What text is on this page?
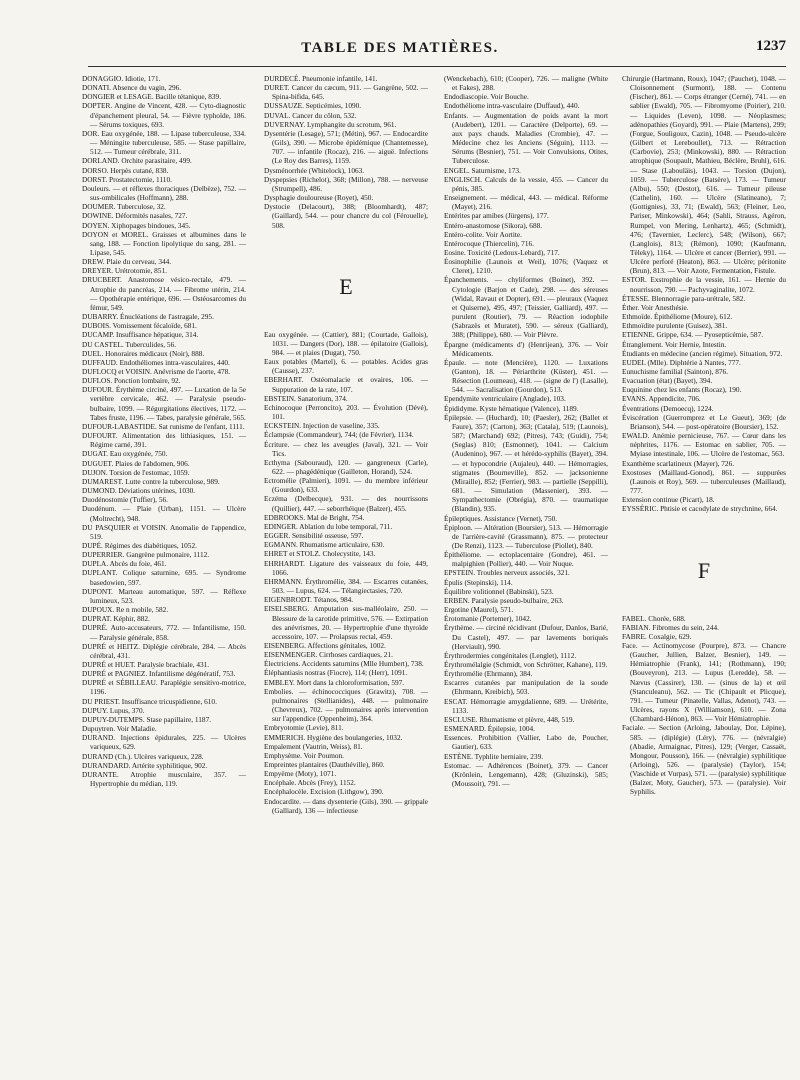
TABLE DES MATIÈRES.	1237

DONAGGIO. Idiotie, 171.

DONATI. Absence du vagin, 296.

DONGIER et LESAGE. Bacille tétanique, 839.

DOPTER. Angine de Vincent, 428. — Cyto-diagnostic d'épanchement pleural, 54. — Fièvre typhoïde, 186. — Sérums toxiques, 693.

DOR. Eau oxygénée, 188. — Lipase tuberculeuse, 334. — Méningite tuberculeuse, 585. — Stase papillaire, 512. — Tumeur cérébrale, 311.

DORLAND. Orchite parasitaire, 499.

DORSO. Herpès cutané, 838.

DORST. Prostatectomie, 1110.

Douleurs. — et réflexes thoraciques (Delbèze), 752. — sus-ombilicales (Hoffmann), 288.

DOUMER. Tuberculose, 32.

DOWINE. Déformités nasales, 727.

DOYEN. Xiphopages bindoues, 345.

DOYON et MOREL. Graisses et albumines dans le sang, 188. — Fonction lipolytique du sang, 281. — Lipase, 545.

DREW. Plaie du cerveau, 344.

DREYER. Urétrotomie, 851.

DRUCBERT. Anastomose vésico-rectale, 479. — Atrophie du pancréas, 214. — Fibrome utérin, 214. — Opothérapie entérique, 696. — Ostéosarcomes du fémur, 549.

DUBARRY. Énucléations de l'astragale, 295.

DUBOIS. Vomissement fécaloïde, 681.

DUCAMP. Insuffisance hépatique, 314.

DU CASTEL. Tuberculides, 56.

DUEL. Honoraires médicaux (Noir), 888.

DUFFAUD. Endothéliomes intra-vasculaires, 440.

DUFLOCQ et VOISIN. Anévrisme de l'aorte, 478.

DUFLOS. Ponction lombaire, 92.

DUFOUR. Érythème circiné, 497. — Luxation de la 5e vertèbre cervicale, 462. — Paralysie pseudo-bulbaire, 1099. — Régurgitations électives, 1172. — Tabes fruste, 1196. — Tabes, paralysie générale, 565.

DUFOUR-LABASTIDE. Sat runisme de l'enfant, 1111.

DUFOURT. Alimentation des lithiasiques, 151. — Régime carné, 391.

DUGAT. Eau oxygénée, 750.

DUGUET. Plaies de l'abdomen, 906.

DUJON. Torsion de l'estomac, 1059.

DUMAREST. Lutte contre la tuberculose, 989.

DUMOND. Déviations utérines, 1030.

Duodénostomie (Tuffier), 56.

Duodénum. — Plaie (Urban), 1151. — Ulcère (Moltrecht), 948.

DU PASQUIER et VOISIN. Anomalie de l'appendice, 519.

DUPÉ. Régimes des diabétiques, 1052.

DUPERRIER. Gangrène pulmonaire, 1112.

DUPLA. Abcès du foie, 461.

DUPLANT. Colique saturnine, 695. — Syndrome basedowien, 597.

DUPONT. Marteau automatique, 597. — Réflexe lumineux, 523.

DUPOUX. Re n mobile, 582.

DUPRAT. Képhir, 882.

DUPRÉ. Auto-accusateurs, 772. — Infantilisme, 150. — Paralysie générale, 858.

DUPRÉ et HEITZ. Diplégie cérébrale, 284. — Abcès cérébral, 431.

DUPRÉ et HUET. Paralysie brachiale, 431.

DUPRÉ et PAGNIEZ. Infantilisme dégénératif, 753.

DUPRÉ et SÉBILLEAU. Paraplégie sensitivo-motrice, 1196.

DU PRIEST. Insuffisance tricuspidienne, 610.

DUPUY. Lupus, 370.

DUPUY-DUTEMPS. Stase papillaire, 1187.

Dupuytren. Voir Maladie.

DURAND. Injections épidurales, 225. — Ulcères variqueux, 629.

DURAND (Ch.). Ulcères variqueux, 228.

DURANDARD. Artérite syphilitique, 902.

DURANTE. Atrophie musculaire, 357. — Hypertrophie du médian, 119.

DURDECÉ. Pneumonie infantile, 141.

DURET. Cancer du cæcum, 911. — Gangrène, 502. — Spina-bifida, 645.

DUSSAUZE. Septicémies, 1090.

DUVAL. Cancer du côlon, 532.

DUVERNAY. Lymphangite du scrotum, 961.

Dysentérie (Lesage), 571; (Métin), 967. — Endocardite (Gils), 390. — Microbe épidémique (Chantemesse), 707. — infantile (Rocaz), 216. — aiguë. Infections (Le Roy des Barres), 1159.

Dysménorrhée (Whitelock), 1063.

Dyspepsies (Richelot), 368; (Millon), 788. — nerveuse (Strumpell), 486.

Dysphagie douloureuse (Royet), 450.

Dystocie (Delacourt), 388; (Bloomhardt), 487; (Gaillard), 544. — pour chancre du col (Férouelle), 508.

E

Eau oxygénée. — (Cattier), 881; (Courtade, Gallois), 1031. — Dangers (Dor), 188. — épilatoire (Gallois), 984. — et plaies (Dugat), 750.

Eaux potables (Martel), 6. — potables. Acides gras (Causse), 237.

EBERHART. Ostéomalacie et ovaires, 106. — Suppuration de la rate, 107.

EBSTEIN. Sanatorium, 374.

Echinocoque (Perroncito), 203. — Évolution (Dévé), 101.

ECKSTEIN. Injection de vaseline, 335.

Éclampsie (Commandeur), 744; (de Février), 1134.

Écriture. — chez les aveugles (Javal), 321. — Voir Tics.

Ecthyma (Sabouraud), 120. — gangreneux (Carle), 622. — phagédénique (Gailleton, Horand), 524.

Ectromélie (Palmieri), 1091. — du membre inférieur (Gourdon), 633.

Eczéma (Delbecque), 931. — des nourrissons (Quillier), 447. — seborrhéique (Balzer), 455.

EDBROOKS. Mal de Bright, 754.

EDINGER. Ablation du lobe temporal, 711.

EGGER. Sensibilité osseuse, 597.

EGMANN. Rhumatisme articulaire, 630.

EHRET et STOLZ. Cholecystite, 143.

EHRHARDT. Ligature des vaisseaux du foie, 449, 1066.

EHRMANN. Érythromélie, 384. — Escarres cutanées, 503. — Lupus, 624. — Télangiectasies, 720.

EIGENBRODT. Tétanos, 984.

EISELSBERG. Amputation sus-malléolaire, 250. — Blessure de la carotide primitive, 576. — Extirpation des anévrismes, 20. — Hypertrophie d'une thyroïde accessoire, 107. — Prolapsus rectal, 459.

EISENBERG. Affections génitales, 1002.

EISENMENGER. Cirrhoses cardiaques, 21.

Électriciens. Accidents saturnins (Mlle Humbert), 738.

Éléphantiasis nostras (Fiocre), 114; (Herr), 1091.

EMBLEY. Mort dans la chloroformisation, 597.

Embolies. — échinococciques (Grawitz), 708. — pulmonaires (Stellianides), 448. — pulmonaire (Chevreux), 702. — pulmonaires après intervention sur l'appendice (Oppenheim), 364.

Embryotomie (Levie), 811.

EMMERICH. Hygiène des boulangeries, 1032.

Empalement (Vautrin, Weiss), 81.

Emphysème. Voir Poumon.

Empreintes plantaires (Dauthéville), 860.

Empyème (Moty), 1071.

Encéphale. Abcès (Frey), 1152.

Encéphalocèle. Excision (Lithgow), 390.

Endocardite. — dans dysenterie (Gils), 390. — grippale (Galliard), 136 — infectieuse

(Wenckebach), 610; (Cooper), 726. — maligne (White et Fakes), 288.

Endodiascopie. Voir Bouche.

Endothéliome intra-vasculaire (Duffaud), 440.

Enfants. — Augmentation de poids avant la mort (Audebert), 1201. — Caractère (Delporte), 69. — aux pays chauds. Maladies (Crombie), 47. — Médecine chez les Anciens (Séguin), 1113. — Sérums (Besnier), 751. — Voir Convulsions, Otites, Tuberculose.

ENGEL. Saturnisme, 173.

ENGLISCH. Calculs de la vessie, 455. — Cancer du pénis, 385.

Enseignement. — médical, 443. — médical. Réforme (Mayet), 216.

Entérites par amibes (Jürgens), 177.

Entéro-anastomose (Sikora), 688.

Entéro-colite. Voir Aortite.

Entérocoque (Thiercelin), 716.

Eosine. Toxicité (Ledoux-Lebard), 717.

Éosinophilie (Launois et Weil), 1076; (Vaquez et Cleret), 1210.

Épanchements. — chyliformes (Boinet), 392. — Cytologie (Barjon et Cade), 298. — des séreuses (Widal, Ravaut et Dopter), 691. — pleuraux (Vaquez et Quiserne), 495, 497; (Teissier, Galliard), 497. — purulent (Routier), 79. — Réaction iodophile (Sabrazès et Muratet), 590. — séreux (Galliard), 388; (Philippe), 680. — Voir Plèvre.

Épargne (médicaments d') (Henrijean), 376. — Voir Médicaments.

Épaule. — note (Mencière), 1120. — Luxations (Ganton), 18. — Périarthrite (Küster), 451. — Résection (Loumeau), 418. — (signe de l') (Lasalle), 544. — Sacralisation (Gourdon), 513.

Ependymite ventriculaire (Anglade), 103.

Épididyme. Kyste hématique (Valence), 1189.

Épilepsie. — (Huchard), 10; (Paesler), 262; (Ballet et Faure), 357; (Carton), 363; (Catala), 519; (Launois), 587; (Marchand) 692; (Pitres), 743; (Guidi), 754; (Seglas) 810; (Esmonnet), 1041. — Calcium (Audenino), 967. — et hérédo-syphilis (Bayet), 394. — et hypocondrie (Aujaleu), 440. — Hémorragies, stigmates (Bourneville), 852. — jacksonienne (Miraille), 852; (Ferrier), 983. — partielle (Seppilli), 681. — Simulation (Massenier), 393. — Sympathectomie (Obrégia), 870. — traumatique (Blandin), 935.

Épileptiques. Assistance (Vernet), 750.

Épiploon. — Altération (Boursier), 513. — Hémorragie de l'arrière-cavité (Grassmann), 875. — protecteur (De Renzi), 1123. — Tuberculose (Piollet), 840.

Épithéliome. — ectoplacentaire (Gondre), 461. — malpighien (Pollier), 440. — Voir Nuque.

EPSTEIN. Troubles nerveux associés, 321.

Épulis (Stepinski), 114.

Équilibre volitionnel (Babinski), 523.

ERBEN. Paralysie pseudo-bulbaire, 263.

Ergotine (Maurel), 571.

Érotomanie (Portemer), 1042.

Érythème. — circiné récidivant (Dufour, Danlos, Barié, Du Castel), 497. — par lavements boriqués (Herviault), 990.

Érythrodermies congénitales (Lenglet), 1112.

Érythromélalgie (Schmidt, von Schrötter, Kahane), 119.

Érythromélie (Ehrmann), 384.

Escarres cutanées par manipulation de la soude (Ehrmann, Kreibich), 503.

ESCAT. Hémorragie amygdalienne, 689. — Urétérite, 1133.

ESCLUSE. Rhumatisme et plèvre, 448, 519.

ESMENARD. Épilepsie, 1004.

Essences. Prohibition (Vallier, Labo de, Poucher, Gautier), 633.

ESTÈNE. Typhlite herniaire, 239.

Estomac. — Adhérences (Boinet), 379. — Cancer (Krönlein, Lengemann), 428; (Gluzinski), 585; (Moussoit), 791. —

Chirurgie (Hartmann, Roux), 1047; (Pauchet), 1048. — Cloisonnement (Surmont), 188. — Contenu (Fischer), 861. — Corps étranger (Cerné), 741. — en sablier (Ewald), 705. — Fibromyome (Poirier), 210. — Liquides (Leven), 1098. — Néoplasmes; adénopathies (Goyard), 991. — Plaie (Martens), 299; (Forgue, Souligoux, Cazin), 1048. — Pseudo-ulcère (Gilbert et Lereboullet), 713. — Rétraction (Carbovie), 253; (Minkowski), 880. — Rétraction atrophique (Soupault, Mathieu, Béclère, Bruhl), 616. — Stase (Labouläis), 1043. — Torsion (Dujon), 1059. — Tuberculose (Batsère), 173. — Tumeur (Albu), 550; (Destot), 616. — Tumeur pileuse (Cathelin), 160. — Ulcère (Slatineano), 7; (Gottignies), 33, 71; (Ewald), 563; (Fleiner, Leo, Pariser, Minkowski), 464; (Sahli, Strauss, Agéron, Rumpel, von Mering, Lenhartz), 465; (Schmidt), 476; (Tavernier, Leclerc), 548; (Wilson), 667; (Langlois), 813; (Rémon), 1090; (Kaufmann, Tèleky), 1164. — Ulcère et cancer (Berrier), 991. — Ulcère perforé (Heaton), 863. — Ulcère; péritonite (Brun), 813. — Voir Azote, Fermentation, Fistule.

ESTOR. Exstrophie de la vessie, 161. — Hernie du nourrisson, 790. — Pachyvaginalite, 1072.

ÉTESSE. Blennorragie para-urétrale, 582.

Éther. Voir Anesthésie.

Ethmoïde. Épithéliome (Moure), 612.

Ethmoïdite purulente (Guisez), 381.

ETIENNE. Grippe, 634. — Pyosepticémie, 587.

Étranglement. Voir Hernie, Intestin.

Étudiants en médecine (ancien régime). Situation, 972.

EUDEL (Mlle). Diphtérie à Nantes, 777.

Eunuchisme familial (Sainton), 876.

Evacuation (état) (Bayet), 394.

Euquinine chez les enfants (Rocaz), 190.

EVANS. Appendicite, 706.

Éventrations (Demoecq), 1224.

Éviscération (Guerromprez et Le Gueut), 369; (de Brianson), 544. — post-opératoire (Boursier), 152.

EWALD. Anémie pernicieuse, 767. — Cœur dans les néphrites, 1176. — Estomac en sablier, 705. — Myiase intestinale, 106. — Ulcère de l'estomac, 563.

Exanthème scarlatineux (Mayer), 726.

Exostoses (Maillaud-Gonod), 861. — suppurées (Launois et Roy), 569. — tuberculeuses (Maillaud), 777.

Extension continue (Picart), 18.

EYSSÉRIC. Phtisie et cacodylate de strychnine, 664.

F

FABEL. Chorée, 688.

FABIAN. Fibromes du sein, 244.

FABRE. Coxalgie, 629.

Face. — Actinomycose (Pourpre), 873. — Chancre (Gaucher, Jullien, Balzer, Besnier), 149. — Hémiatrophie (Frank), 141; (Rothmann), 190; (Bouveyron), 213. — Lupus (Leredde), 58. — Nævus (Cassirer), 130. — (sinus de la) et œil (Stanculeanu), 562. — Tic (Chipault et Plicque), 791. — Tumeur (Pinatelle, Vallas, Adenot), 743. — Ulcères, rayons X (Williamson), 610. — Zona (Chambard-Hénon), 863. — Voir Hémiatrophie.

Faciale. — Section (Arloing, Jaboulay, Dor, Lépine), 585. — (diplégie) (Léry), 776. — (névralgie) (Abadie, Armaignac, Pitres), 129; (Verger, Cassaët, Mongour, Pousson), 166. — (névralgie) syphilitique (Arloing), 526. — (paralysie) (Taylor), 154; (Vaschide et Vurpas), 571. — (paralysie) syphilitique (Balzer, Moty, Gaucher), 573. — (paralysie). Voir Syphilis.
